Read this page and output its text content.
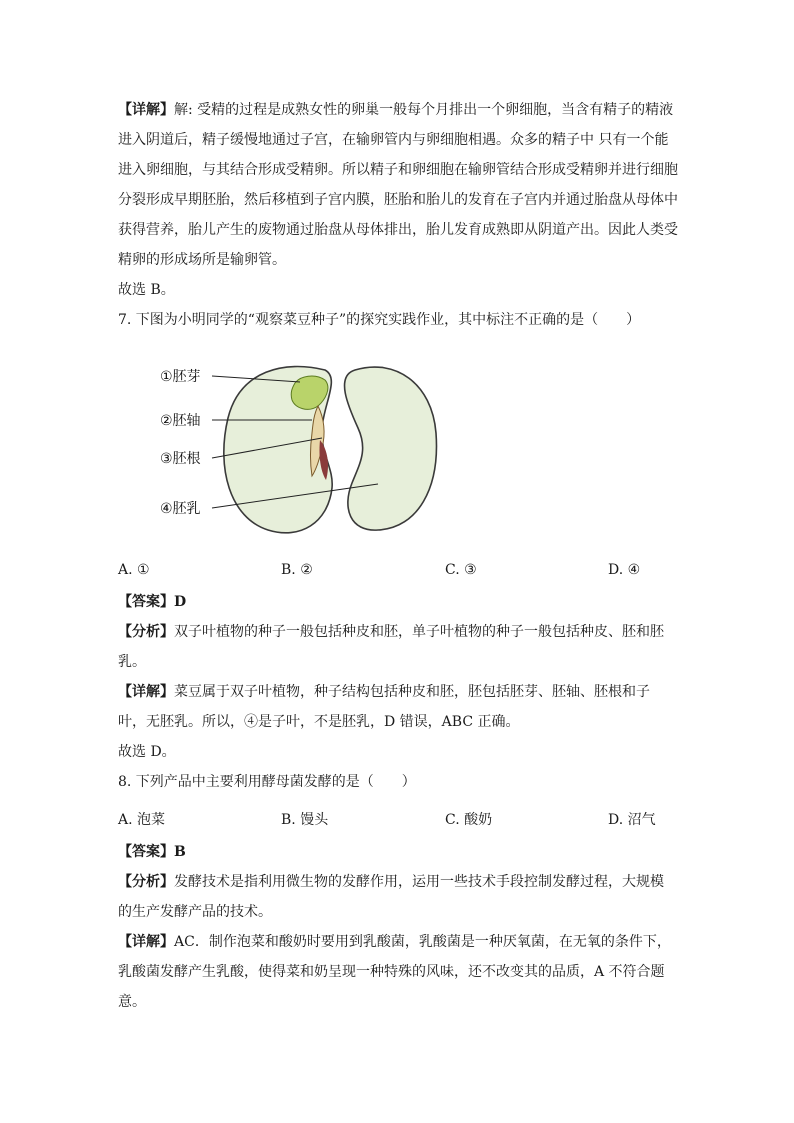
【详解】解: 受精的过程是成熟女性的卵巢一般每个月排出一个卵细胞，当含有精子的精液

进入阴道后，精子缓慢地通过子宫，在输卵管内与卵细胞相遇。众多的精子中 只有一个能

进入卵细胞，与其结合形成受精卵。所以精子和卵细胞在输卵管结合形成受精卵并进行细胞

分裂形成早期胚胎，然后移植到子宫内膜，胚胎和胎儿的发育在子宫内并通过胎盘从母体中

获得营养，胎儿产生的废物通过胎盘从母体排出，胎儿发育成熟即从阴道产出。因此人类受

精卵的形成场所是输卵管。

故选 B。

7. 下图为小明同学的“观察菜豆种子”的探究实践作业，其中标注不正确的是（　　）

①胚芽
②胚轴
③胚根
④胚乳
A. ①	B. ②	C. ③	D. ④

【答案】D

【分析】双子叶植物的种子一般包括种皮和胚，单子叶植物的种子一般包括种皮、胚和胚

乳。

【详解】菜豆属于双子叶植物，种子结构包括种皮和胚，胚包括胚芽、胚轴、胚根和子

叶，无胚乳。所以，④是子叶，不是胚乳，D 错误，ABC 正确。

故选 D。

8. 下列产品中主要利用酵母菌发酵的是（　　）

A. 泡菜	B. 馒头	C. 酸奶	D. 沼气

【答案】B

【分析】发酵技术是指利用微生物的发酵作用，运用一些技术手段控制发酵过程，大规模

的生产发酵产品的技术。

【详解】AC．制作泡菜和酸奶时要用到乳酸菌，乳酸菌是一种厌氧菌，在无氧的条件下，

乳酸菌发酵产生乳酸，使得菜和奶呈现一种特殊的风味，还不改变其的品质，A 不符合题

意。
